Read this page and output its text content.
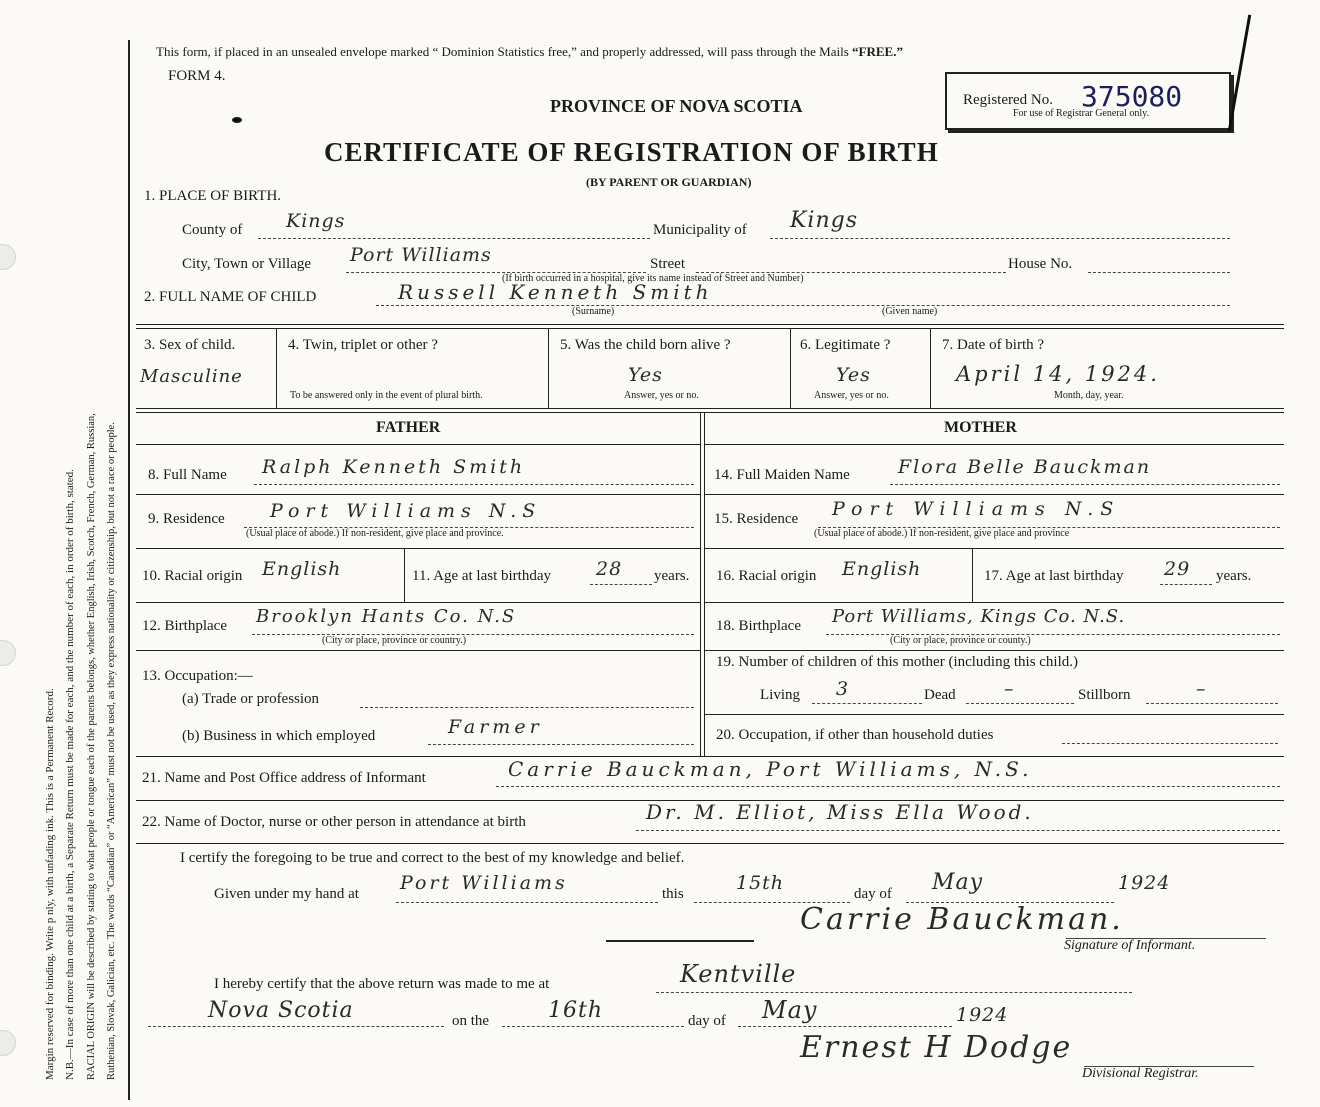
Margin reserved for binding. Write p nly, with unfading ink. This is a Permanent Record. N.B.—In case of more than one child at a birth, a Separate Return must be made for each, and the number of each, in order of birth, stated. RACIAL ORIGIN will be described by stating to what people or tongue each of the parents belongs, whether English, Irish, Scotch, French, German, Russian, Ruthenian, Slovak, Galician, etc. The words “Canadian” or “American” must not be used, as they express nationality or citizenship, but not a race or people.
This form, if placed in an unsealed envelope marked “ Dominion Statistics free,” and properly addressed, will pass through the Mails “FREE.”
FORM 4.
PROVINCE OF NOVA SCOTIA
CERTIFICATE OF REGISTRATION OF BIRTH
(BY PARENT OR GUARDIAN)
Registered No. 375080
For use of Registrar General only.
1. PLACE OF BIRTH.
County of Kings	Municipality of Kings
City, Town or Village Port Williams	Street	House No.
(If birth occurred in a hospital, give its name instead of Street and Number)
2. FULL NAME OF CHILD	Russell Kenneth Smith
(Surname)	(Given name)
3. Sex of child.
Masculine
4. Twin, triplet or other ?
To be answered only in the event of plural birth.
5. Was the child born alive ?
Yes
Answer, yes or no.
6. Legitimate ?
Yes
Answer, yes or no.
7. Date of birth ?
April 14, 1924.
Month, day, year.
FATHER	MOTHER
8. Full Name Ralph Kenneth Smith	14. Full Maiden Name	Flora Belle Bauckman
9. Residence Port Williams N.S
(Usual place of abode.) If non-resident, give place and province.
15. Residence Port Williams N.S
(Usual place of abode.) If non-resident, give place and province
10. Racial origin English	11. Age at last birthday 28 years. 16. Racial origin English	17. Age at last birthday 29 years.
12. Birthplace Brooklyn Hants Co. N.S
(City or place, province or country.)
18. Birthplace Port Williams, Kings Co. N.S.
(City or place, province or county.)
13. Occupation:—
(a) Trade or profession
(b) Business in which employed	Farmer
19. Number of children of this mother (including this child.)
Living 3	Dead	–	Stillborn	–
20. Occupation, if other than household duties
21. Name and Post Office address of Informant	Carrie Bauckman, Port Williams, N.S.
22. Name of Doctor, nurse or other person in attendance at birth	Dr. M. Elliot, Miss Ella Wood.
I certify the foregoing to be true and correct to the best of my knowledge and belief.
Given under my hand at Port Williams	this	15th	day of May	1924
Carrie Bauckman.
Signature of Informant.
I hereby certify that the above return was made to me at	Kentville
Nova Scotia	on the	16th	day of May	1924
Ernest H Dodge
Divisional Registrar.
